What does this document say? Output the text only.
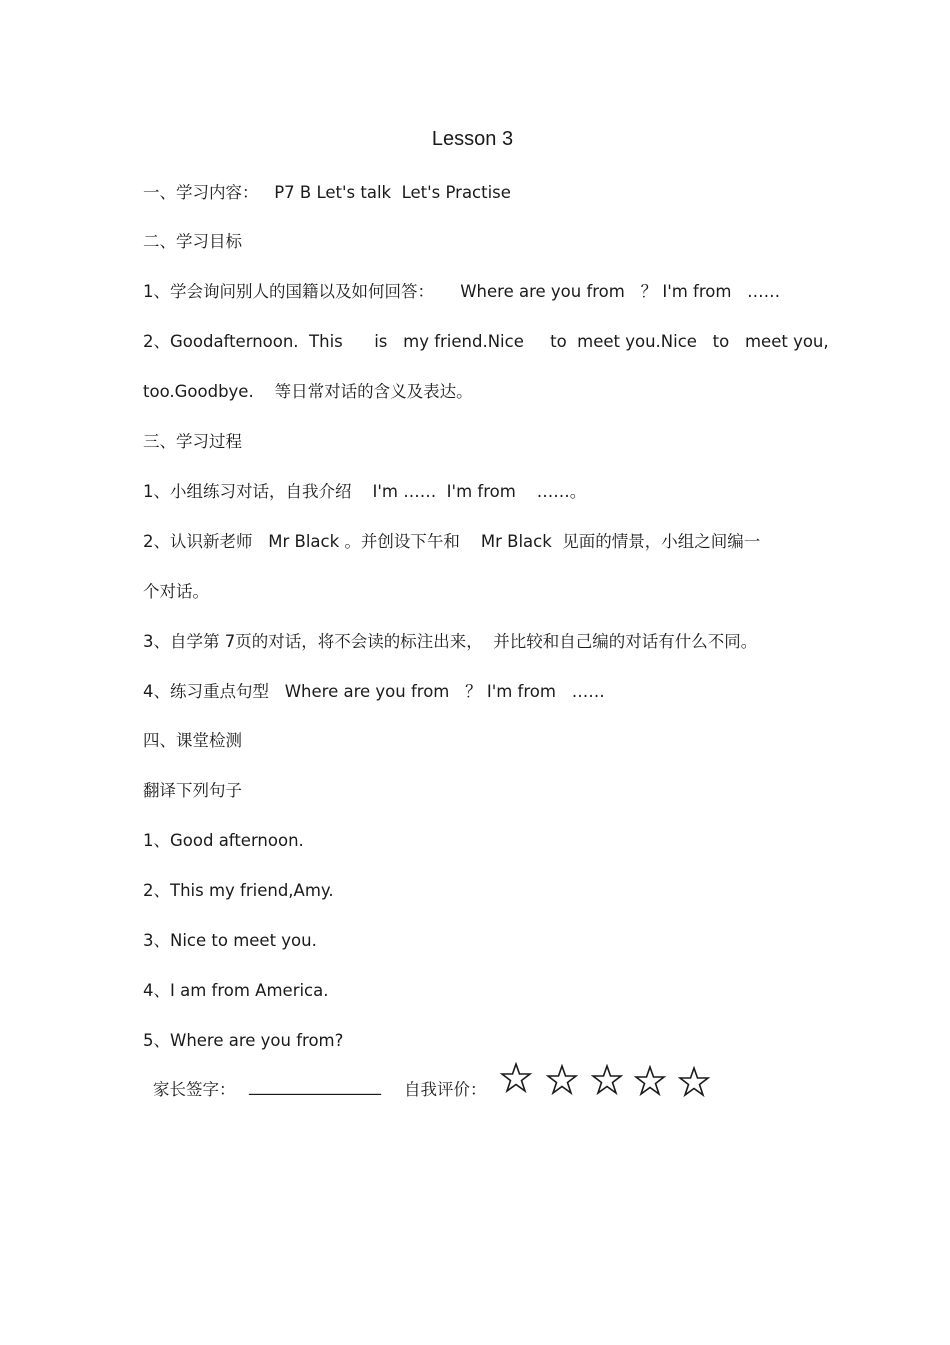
Lesson 3
一、学习内容：   P7 B Let's talk  Let's Practise
二、学习目标
1、学会询问别人的国籍以及如何回答：     Where are you from   ？ I'm from   ……
2、Goodafternoon.  This      is   my friend.Nice     to  meet you.Nice   to   meet you,
too.Goodbye.    等日常对话的含义及表达。
三、学习过程
1、小组练习对话，自我介绍    I'm ……  I'm from    ……。
2、认识新老师   Mr Black 。并创设下午和    Mr Black  见面的情景，小组之间编一
个对话。
3、自学第 7页的对话，将不会读的标注出来，  并比较和自己编的对话有什么不同。
4、练习重点句型   Where are you from   ？ I'm from   ……
四、课堂检测
翻译下列句子
1、Good afternoon.
2、This my friend,Amy.
3、Nice to meet you.
4、I am from America.
5、Where are you from?
家长签字： ________________ 自我评价：
